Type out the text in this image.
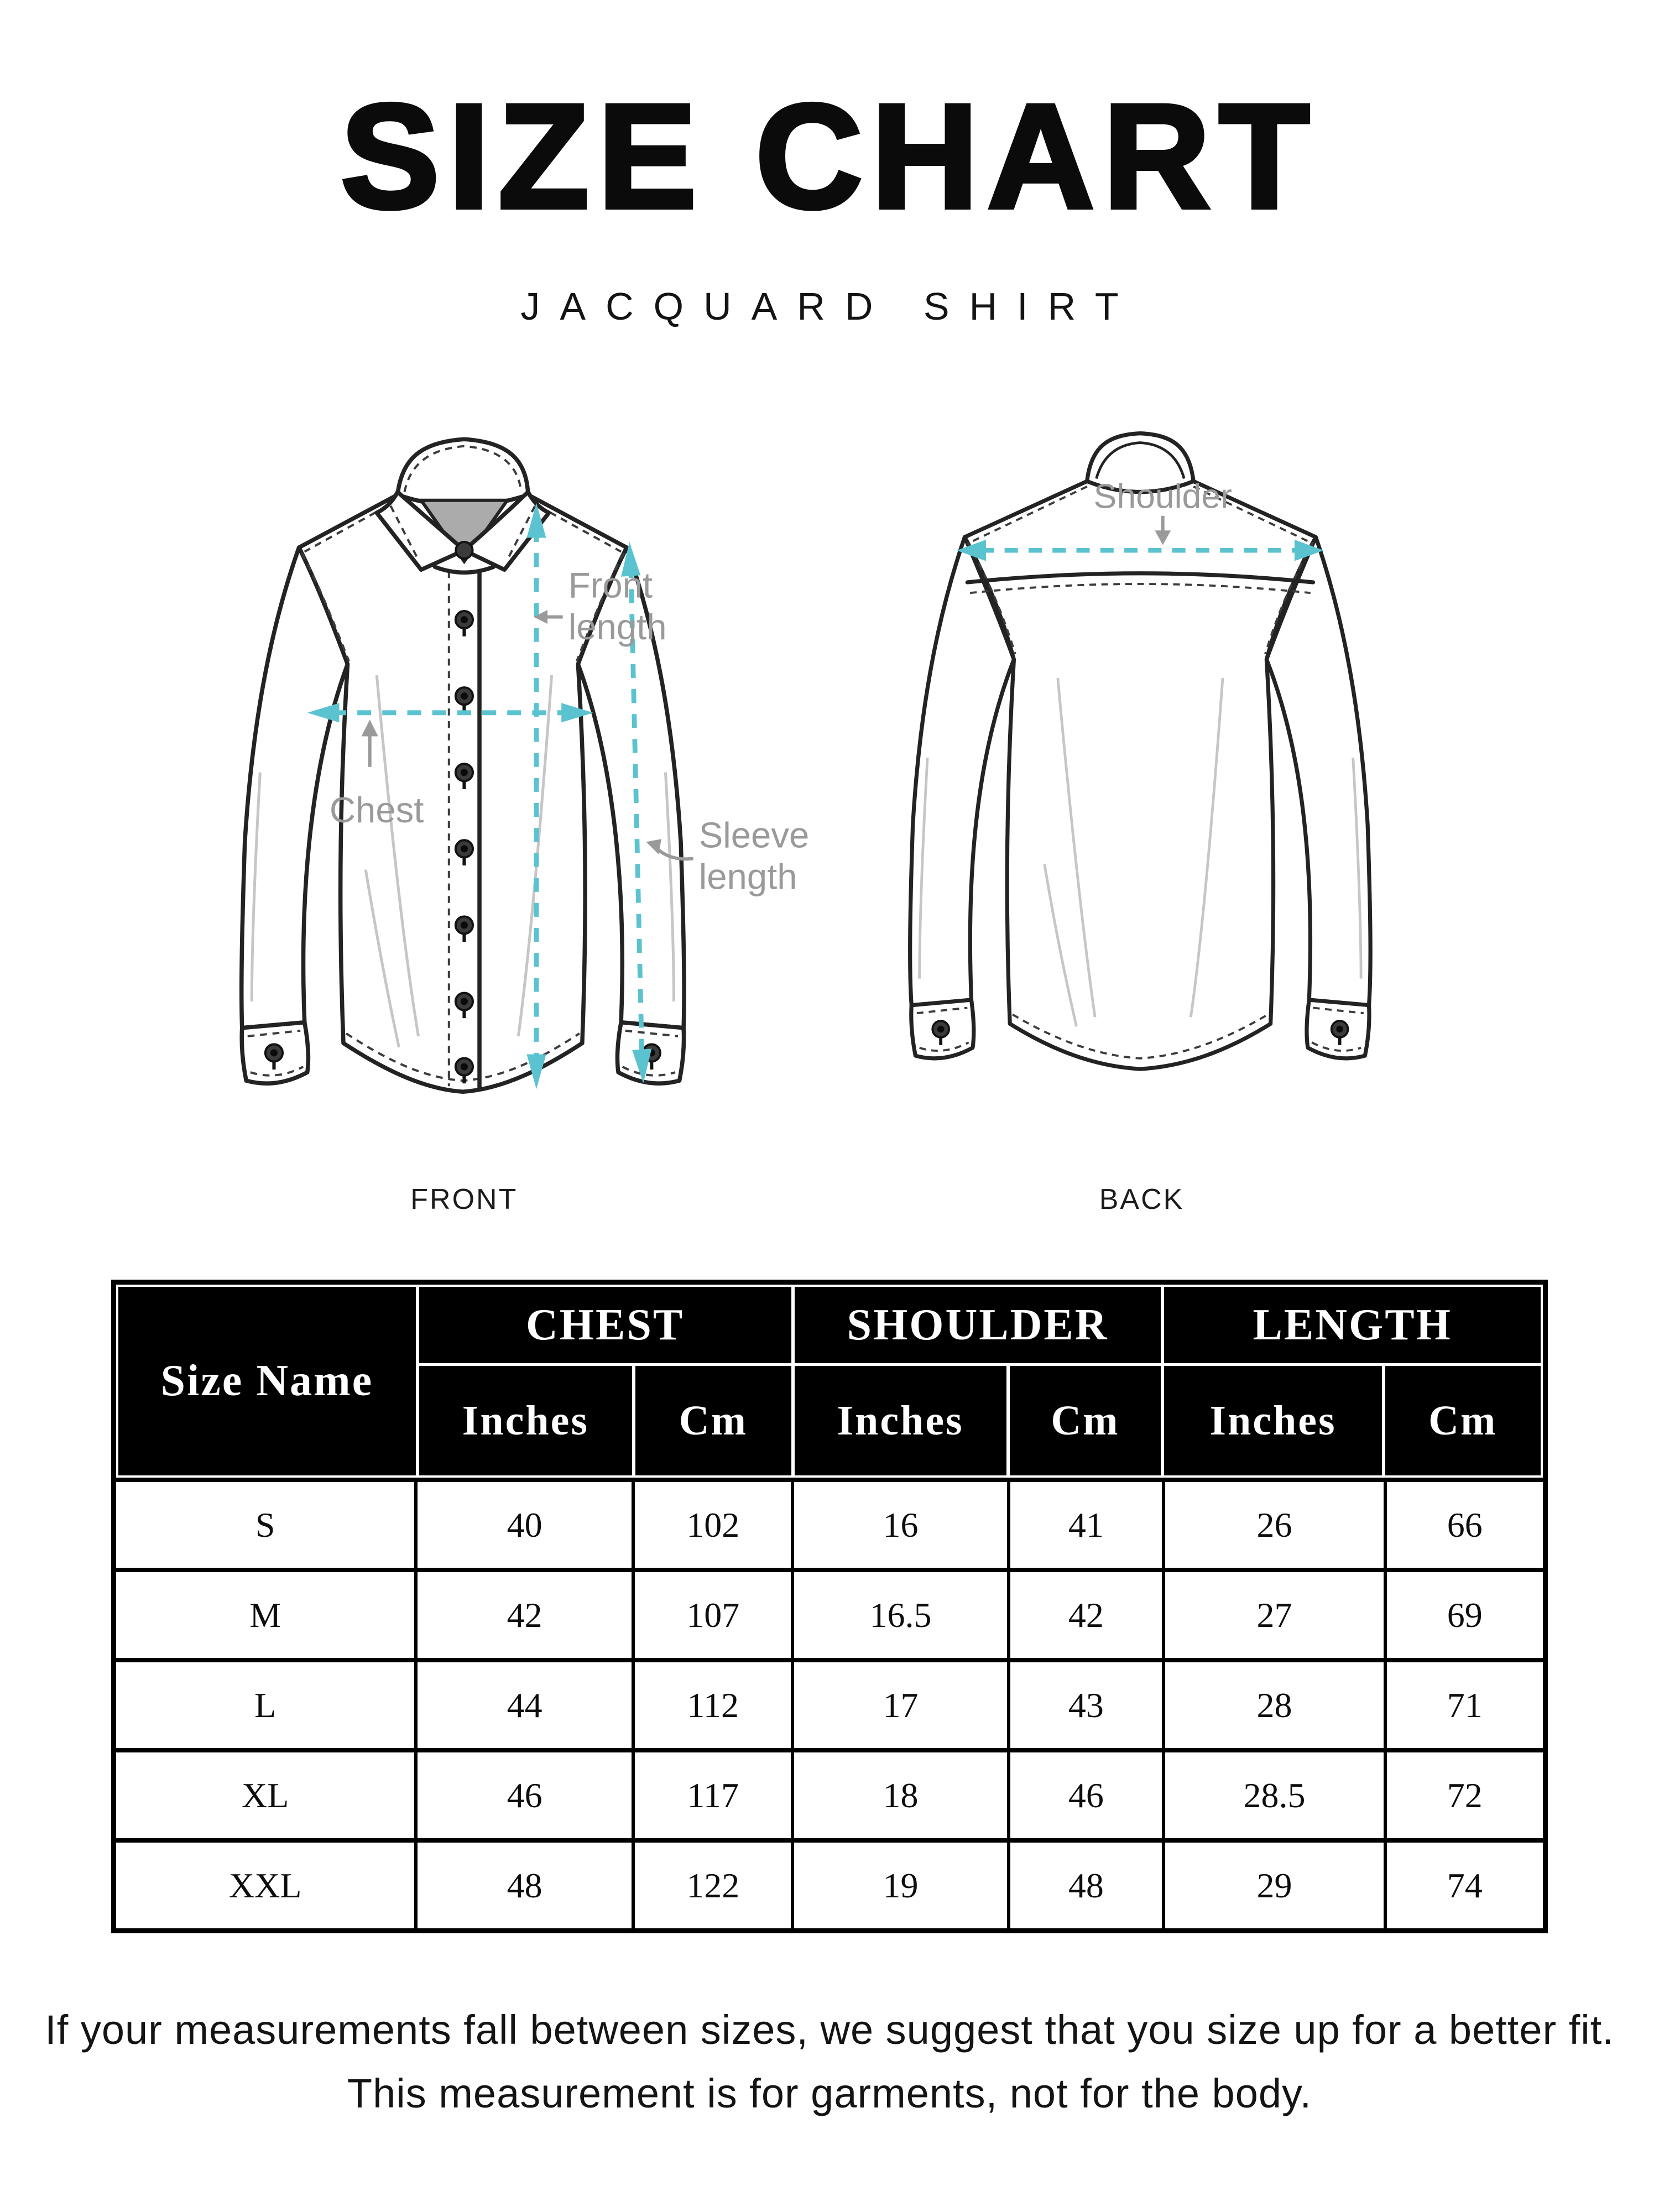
SIZE CHART
JACQUARD SHIRT
Front
length
Chest
Sleeve
length
FRONT
Shoulder
BACK
Size Name
CHEST	SHOULDER	LENGTH
Inches	Cm	Inches	Cm	Inches	Cm
S	40	102	16	41	26	66
M	42	107	16.5	42	27	69
L	44	112	17	43	28	71
XL	46	117	18	46	28.5	72
XXL	48	122	19	48	29	74
If your measurements fall between sizes, we suggest that you size up for a better fit.
This measurement is for garments, not for the body.
